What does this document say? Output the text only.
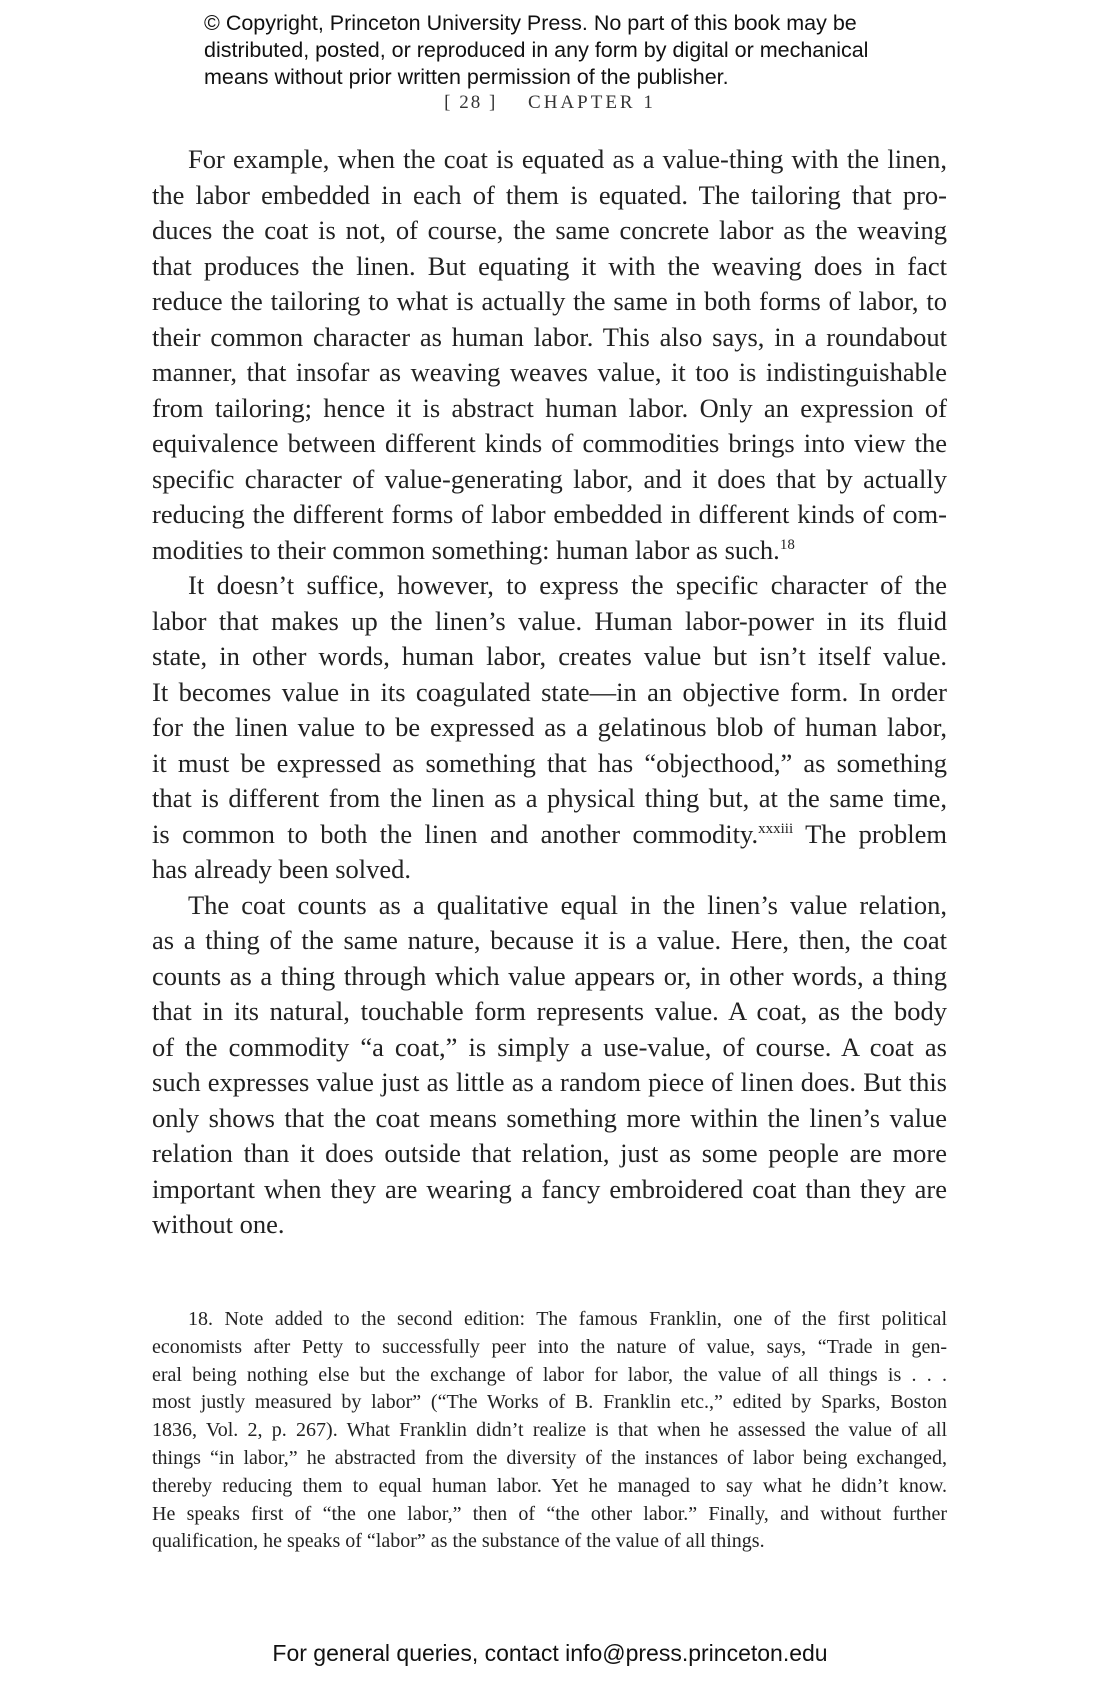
© Copyright, Princeton University Press. No part of this book may be
distributed, posted, or reproduced in any form by digital or mechanical
means without prior written permission of the publisher.
[ 28 ] CHAPTER 1
For example, when the coat is equated as a value-thing with the linen,
the labor embedded in each of them is equated. The tailoring that pro-
duces the coat is not, of course, the same concrete labor as the weaving
that produces the linen. But equating it with the weaving does in fact
reduce the tailoring to what is actually the same in both forms of labor, to
their common character as human labor. This also says, in a roundabout
manner, that insofar as weaving weaves value, it too is indistinguishable
from tailoring; hence it is abstract human labor. Only an expression of
equivalence between different kinds of commodities brings into view the
specific character of value-generating labor, and it does that by actually
reducing the different forms of labor embedded in different kinds of com-
modities to their common something: human labor as such.$^{18}$
It doesn’t suffice, however, to express the specific character of the
labor that makes up the linen’s value. Human labor-power in its fluid
state, in other words, human labor, creates value but isn’t itself value.
It becomes value in its coagulated state—in an objective form. In order
for the linen value to be expressed as a gelatinous blob of human labor,
it must be expressed as something that has “objecthood,” as something
that is different from the linen as a physical thing but, at the same time,
is common to both the linen and another commodity.$^{xxxiii}$ The problem
has already been solved.
The coat counts as a qualitative equal in the linen’s value relation,
as a thing of the same nature, because it is a value. Here, then, the coat
counts as a thing through which value appears or, in other words, a thing
that in its natural, touchable form represents value. A coat, as the body
of the commodity “a coat,” is simply a use-value, of course. A coat as
such expresses value just as little as a random piece of linen does. But this
only shows that the coat means something more within the linen’s value
relation than it does outside that relation, just as some people are more
important when they are wearing a fancy embroidered coat than they are
without one.
18. Note added to the second edition: The famous Franklin, one of the first political
economists after Petty to successfully peer into the nature of value, says, “Trade in gen-
eral being nothing else but the exchange of labor for labor, the value of all things is . . .
most justly measured by labor” (“The Works of B. Franklin etc.,” edited by Sparks, Boston
1836, Vol. 2, p. 267). What Franklin didn’t realize is that when he assessed the value of all
things “in labor,” he abstracted from the diversity of the instances of labor being exchanged,
thereby reducing them to equal human labor. Yet he managed to say what he didn’t know.
He speaks first of “the one labor,” then of “the other labor.” Finally, and without further
qualification, he speaks of “labor” as the substance of the value of all things.
For general queries, contact info@press.princeton.edu
